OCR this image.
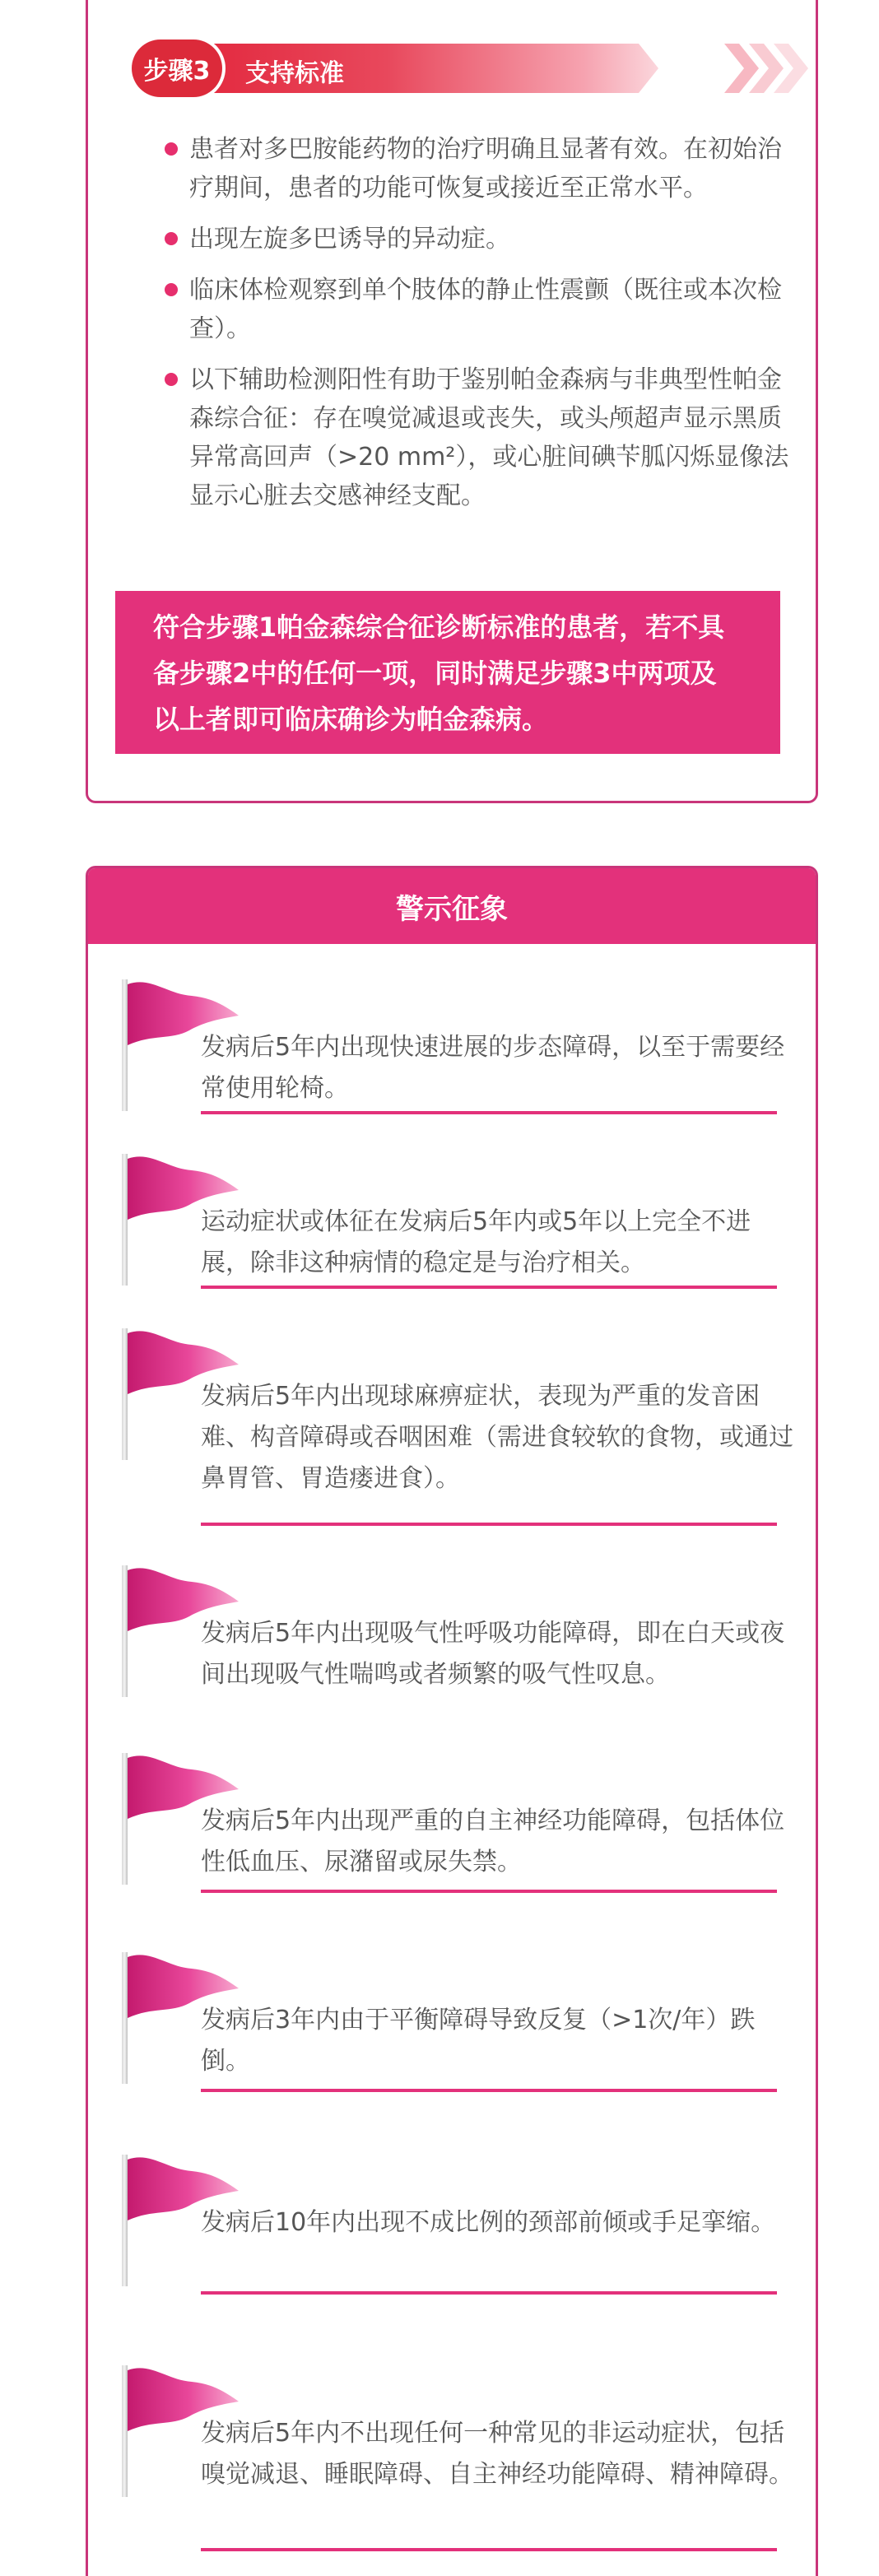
步骤3	支持标准
患者对多巴胺能药物的治疗明确且显著有效。在初始治疗期间，患者的功能可恢复或接近至正常水平。
出现左旋多巴诱导的异动症。
临床体检观察到单个肢体的静止性震颤（既往或本次检查）。
以下辅助检测阳性有助于鉴别帕金森病与非典型性帕金森综合征：存在嗅觉减退或丧失，或头颅超声显示黑质异常高回声（>20 mm²），或心脏间碘苄胍闪烁显像法显示心脏去交感神经支配。
符合步骤1帕金森综合征诊断标准的患者，若不具备步骤2中的任何一项，同时满足步骤3中两项及以上者即可临床确诊为帕金森病。
警示征象
发病后5年内出现快速进展的步态障碍，以至于需要经常使用轮椅。
运动症状或体征在发病后5年内或5年以上完全不进展，除非这种病情的稳定是与治疗相关。
发病后5年内出现球麻痹症状，表现为严重的发音困难、构音障碍或吞咽困难（需进食较软的食物，或通过鼻胃管、胃造瘘进食）。
发病后5年内出现吸气性呼吸功能障碍，即在白天或夜间出现吸气性喘鸣或者频繁的吸气性叹息。
发病后5年内出现严重的自主神经功能障碍，包括体位性低血压、尿潴留或尿失禁。
发病后3年内由于平衡障碍导致反复（>1次/年）跌倒。
发病后10年内出现不成比例的颈部前倾或手足挛缩。
发病后5年内不出现任何一种常见的非运动症状，包括嗅觉减退、睡眠障碍、自主神经功能障碍、精神障碍。
